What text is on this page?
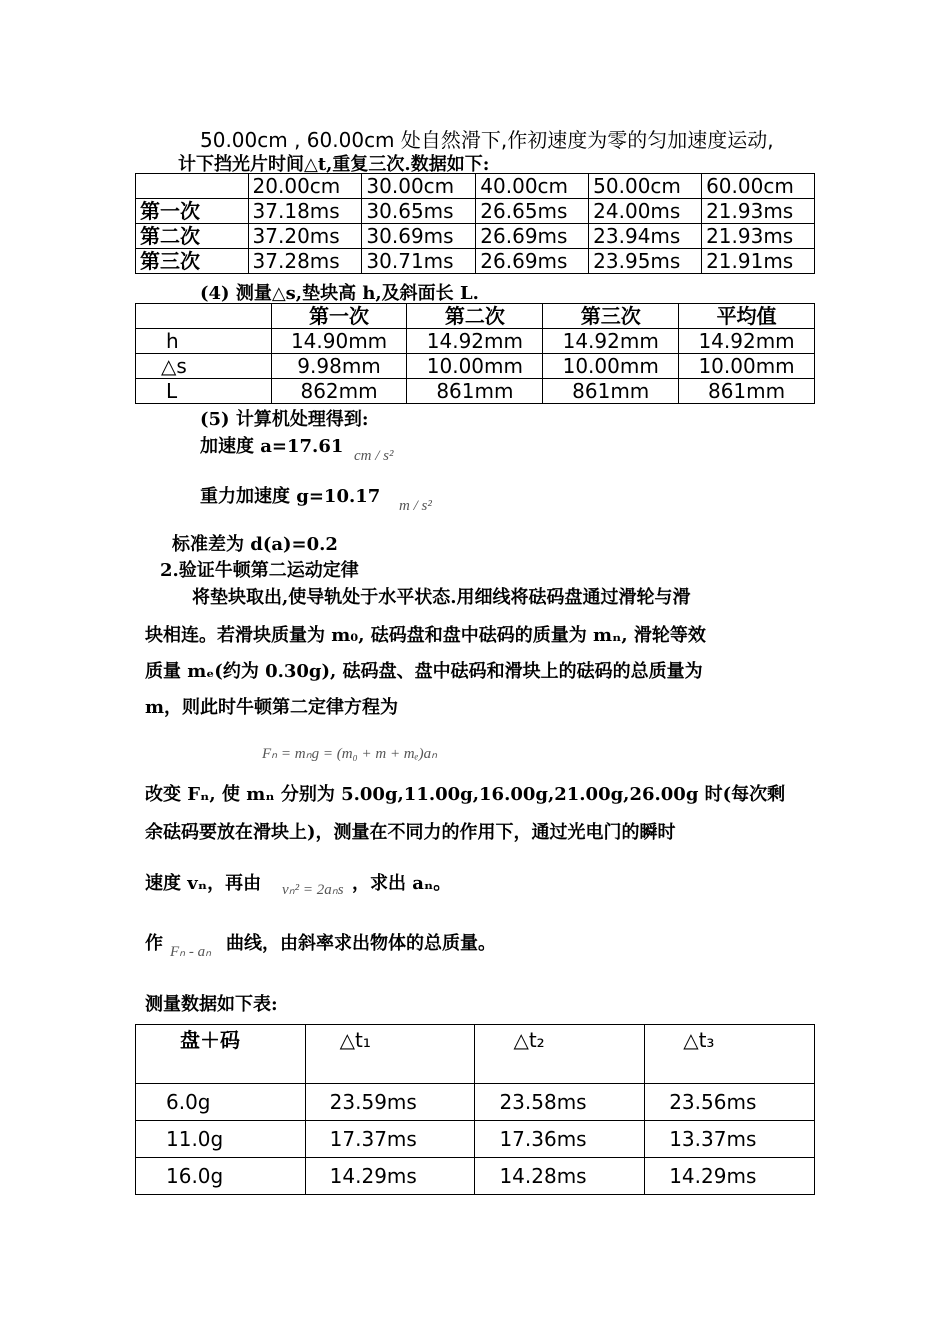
50.00cm , 60.00cm 处自然滑下,作初速度为零的匀加速度运动,
计下挡光片时间△t,重复三次.数据如下:
	20.00cm	30.00cm	40.00cm	50.00cm	60.00cm
第一次	37.18ms	30.65ms	26.65ms	24.00ms	21.93ms
第二次	37.20ms	30.69ms	26.69ms	23.94ms	21.93ms
第三次	37.28ms	30.71ms	26.69ms	23.95ms	21.91ms
(4) 测量△s,垫块高 h,及斜面长 L.
	第一次	第二次	第三次	平均值
h	14.90mm	14.92mm	14.92mm	14.92mm
△s	9.98mm	10.00mm	10.00mm	10.00mm
L	862mm	861mm	861mm	861mm
(5) 计算机处理得到:
加速度 a=17.61 cm / s²
重力加速度 g=10.17 m / s²
标准差为 d(a)=0.2
2.验证牛顿第二运动定律
将垫块取出,使导轨处于水平状态.用细线将砝码盘通过滑轮与滑
块相连。若滑块质量为 m₀, 砝码盘和盘中砝码的质量为 mₙ, 滑轮等效
质量 mₑ(约为 0.30g), 砝码盘、盘中砝码和滑块上的砝码的总质量为
m，则此时牛顿第二定律方程为
Fₙ = mₙg = (m₀ + m + mₑ)aₙ
改变 Fₙ, 使 mₙ 分别为 5.00g,11.00g,16.00g,21.00g,26.00g 时(每次剩
余砝码要放在滑块上)，测量在不同力的作用下，通过光电门的瞬时
速度 vₙ，再由 vₙ² = 2aₙs ，求出 aₙ。
作 Fₙ - aₙ 曲线，由斜率求出物体的总质量。
测量数据如下表:
盘＋码	△t₁	△t₂	△t₃
6.0g	23.59ms	23.58ms	23.56ms
11.0g	17.37ms	17.36ms	13.37ms
16.0g	14.29ms	14.28ms	14.29ms
